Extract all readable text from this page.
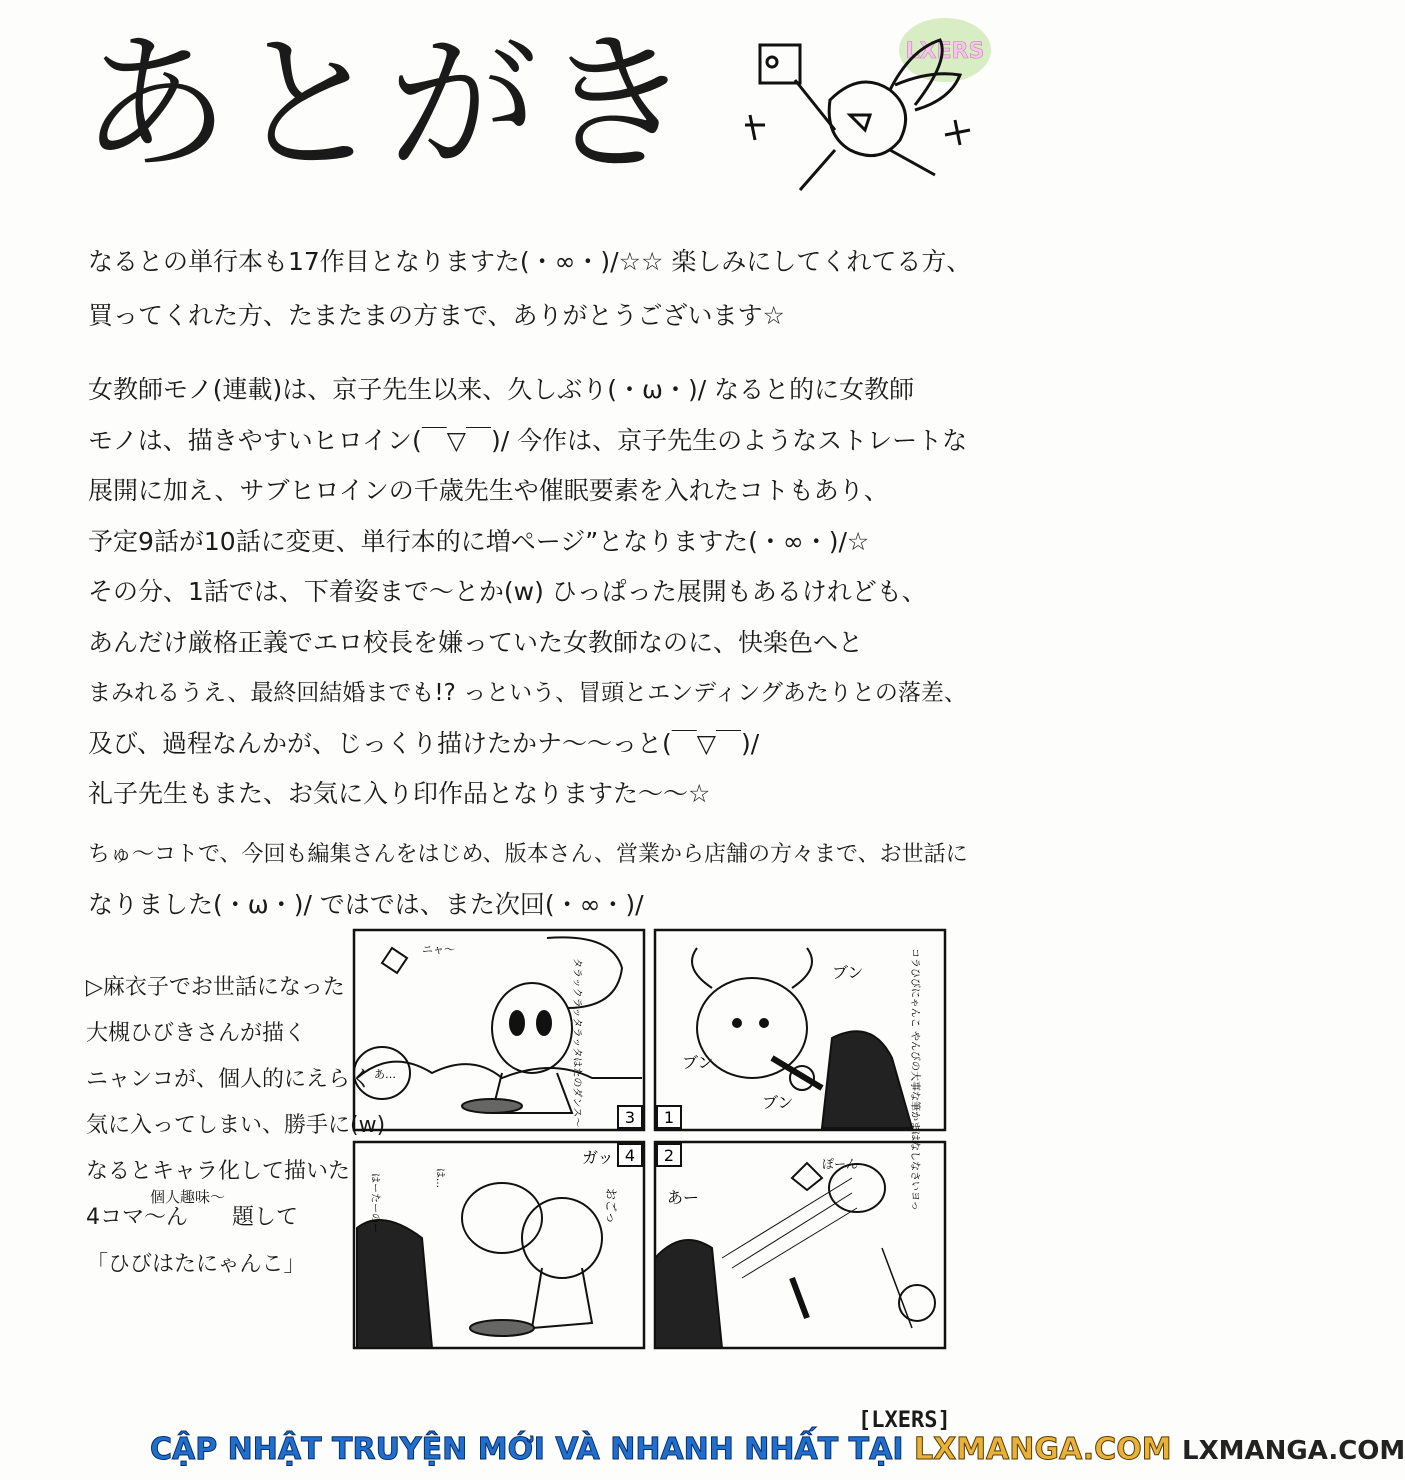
あとがき	LXERS
なるとの単行本も17作目となりますた(・∞・)/☆☆ 楽しみにしてくれてる方、
買ってくれた方、たまたまの方まで、ありがとうございます☆
女教師モノ(連載)は、京子先生以来、久しぶり(・ω・)/ なると的に女教師
モノは、描きやすいヒロイン(￣▽￣)/ 今作は、京子先生のようなストレートな
展開に加え、サブヒロインの千歳先生や催眠要素を入れたコトもあり、
予定9話が10話に変更、単行本的に増ページ”となりますた(・∞・)/☆
その分、1話では、下着姿まで～とか(w) ひっぱった展開もあるけれども、
あんだけ厳格正義でエロ校長を嫌っていた女教師なのに、快楽色へと
まみれるうえ、最終回結婚までも!? っという、冒頭とエンディングあたりとの落差、
及び、過程なんかが、じっくり描けたかナ～～っと(￣▽￣)/
礼子先生もまた、お気に入り印作品となりますた～～☆
ちゅ～コトで、今回も編集さんをはじめ、版本さん、営業から店舗の方々まで、お世話に
なりました(・ω・)/ ではでは、また次回(・∞・)/
▷麻衣子でお世話になった
大槻ひびきさんが描く
ニャンコが、個人的にえらく
気に入ってしまい、勝手に(w)
なるとキャラ化して描いた
4コマ～ん　　題して
「ひびはたにゃんこ」
個人趣味～
3 1
4 2
ニャ～
タラックラッタラッタはたのダンス～
あ…	コラひびにゃんこ やんびの大事な筆かまはなしなさいヨっ
ブン
ブン
ブン
はーたーのー	は…
ガッ
おごっ	あー
ぽーん
[LXERS]
CẬP NHẬT TRUYỆN MỚI VÀ NHANH NHẤT TẠI LXMANGA.COM LXMANGA.COM
